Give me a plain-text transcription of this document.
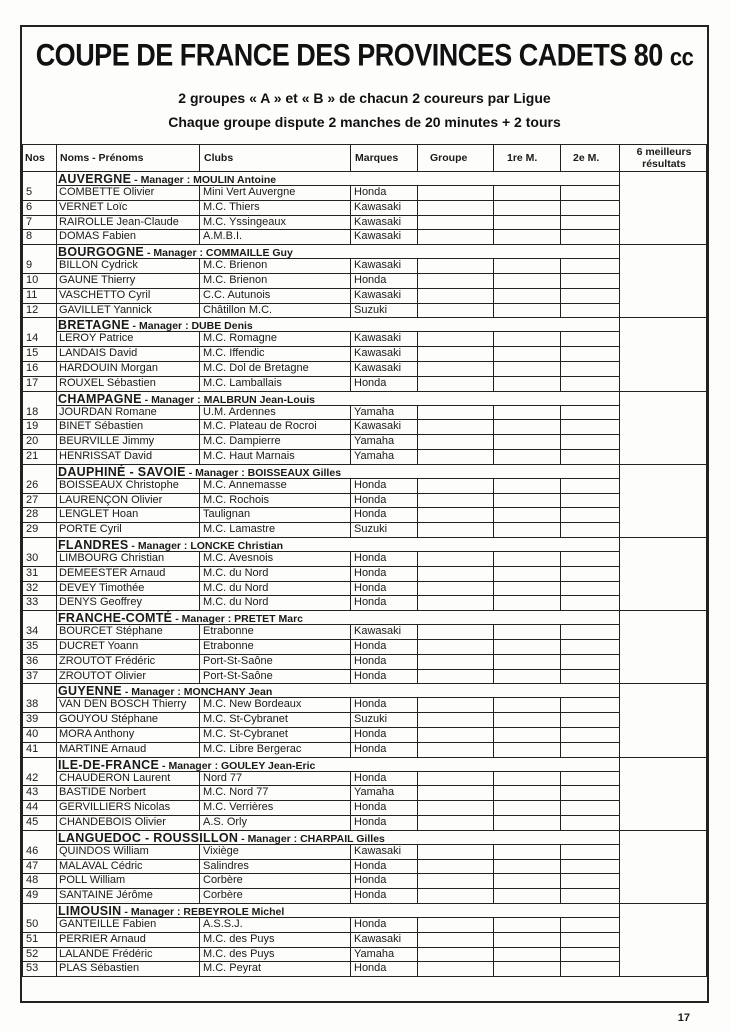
COUPE DE FRANCE DES PROVINCES CADETS 80 cc
2 groupes « A » et « B » de chacun 2 coureurs par Ligue
Chaque groupe dispute 2 manches de 20 minutes + 2 tours
Nos Noms - Prénoms	Clubs	Marques	Groupe	1re M.	2e M.	6 meilleurs résultats
AUVERGNE - Manager : MOULIN Antoine
5	COMBETTE Olivier	Mini Vert Auvergne	Honda
6	VERNET Loïc	M.C. Thiers	Kawasaki
7	RAIROLLE Jean-Claude	M.C. Yssingeaux	Kawasaki
8	DOMAS Fabien	A.M.B.I.	Kawasaki
BOURGOGNE - Manager : COMMAILLE Guy
9	BILLON Cydrick	M.C. Brienon	Kawasaki
10	GAUNE Thierry	M.C. Brienon	Honda
11	VASCHETTO Cyril	C.C. Autunois	Kawasaki
12	GAVILLET Yannick	Châtillon M.C.	Suzuki
BRETAGNE - Manager : DUBE Denis
14	LEROY Patrice	M.C. Romagne	Kawasaki
15	LANDAIS David	M.C. Iffendic	Kawasaki
16	HARDOUIN Morgan	M.C. Dol de Bretagne	Kawasaki
17	ROUXEL Sébastien	M.C. Lamballais	Honda
CHAMPAGNE - Manager : MALBRUN Jean-Louis
18	JOURDAN Romane	U.M. Ardennes	Yamaha
19	BINET Sébastien	M.C. Plateau de Rocroi	Kawasaki
20	BEURVILLE Jimmy	M.C. Dampierre	Yamaha
21	HENRISSAT David	M.C. Haut Marnais	Yamaha
DAUPHINÉ - SAVOIE - Manager : BOISSEAUX Gilles
26	BOISSEAUX Christophe	M.C. Annemasse	Honda
27	LAURENÇON Olivier	M.C. Rochois	Honda
28	LENGLET Hoan	Taulignan	Honda
29	PORTE Cyril	M.C. Lamastre	Suzuki
FLANDRES - Manager : LONCKE Christian
30	LIMBOURG Christian	M.C. Avesnois	Honda
31	DEMEESTER Arnaud	M.C. du Nord	Honda
32	DEVEY Timothée	M.C. du Nord	Honda
33	DENYS Geoffrey	M.C. du Nord	Honda
FRANCHE-COMTÉ - Manager : PRETET Marc
34	BOURCET Stéphane	Etrabonne	Kawasaki
35	DUCRET Yoann	Etrabonne	Honda
36	ZROUTOT Frédéric	Port-St-Saône	Honda
37	ZROUTOT Olivier	Port-St-Saône	Honda
GUYENNE - Manager : MONCHANY Jean
38	VAN DEN BOSCH Thierry	M.C. New Bordeaux	Honda
39	GOUYOU Stéphane	M.C. St-Cybranet	Suzuki
40	MORA Anthony	M.C. St-Cybranet	Honda
41	MARTINE Arnaud	M.C. Libre Bergerac	Honda
ILE-DE-FRANCE - Manager : GOULEY Jean-Eric
42	CHAUDERON Laurent	Nord 77	Honda
43	BASTIDE Norbert	M.C. Nord 77	Yamaha
44	GERVILLIERS Nicolas	M.C. Verrières	Honda
45	CHANDEBOIS Olivier	A.S. Orly	Honda
LANGUEDOC - ROUSSILLON - Manager : CHARPAIL Gilles
46	QUINDOS William	Vixiège	Kawasaki
47	MALAVAL Cédric	Salindres	Honda
48	POLL William	Corbère	Honda
49	SANTAINE Jérôme	Corbère	Honda
LIMOUSIN - Manager : REBEYROLE Michel
50	GANTEILLE Fabien	A.S.S.J.	Honda
51	PERRIER Arnaud	M.C. des Puys	Kawasaki
52	LALANDE Frédéric	M.C. des Puys	Yamaha
53	PLAS Sébastien	M.C. Peyrat	Honda
17
